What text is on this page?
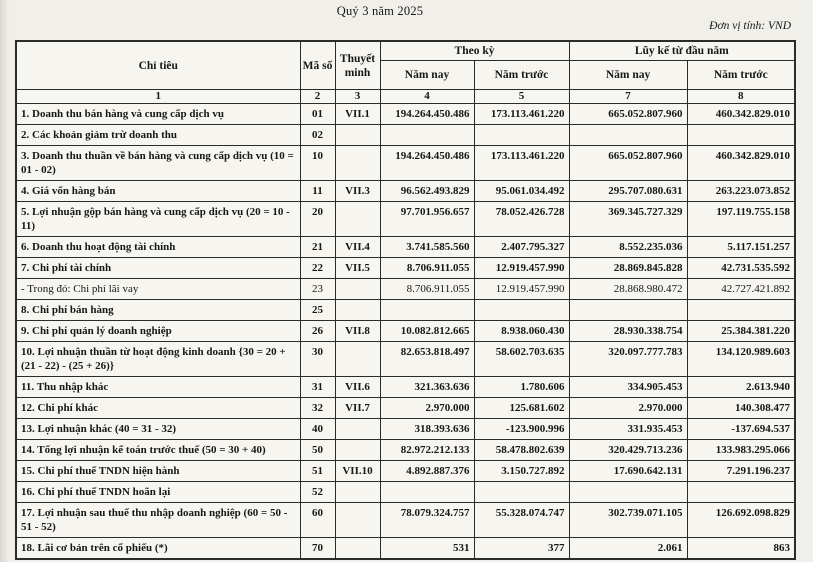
Quý 3 năm 2025
Đơn vị tính: VND
Chỉ tiêu	Mã số	Thuyết minh	Theo kỳ		Lũy kế từ đầu năm	
			Năm nay	Năm trước	Năm nay	Năm trước
1	2	3	4	5	7	8
1. Doanh thu bán hàng và cung cấp dịch vụ	01	VII.1	194.264.450.486	173.113.461.220	665.052.807.960	460.342.829.010
2. Các khoản giảm trừ doanh thu	02					
3. Doanh thu thuần về bán hàng và cung cấp dịch vụ (10 = 01 - 02)	10		194.264.450.486	173.113.461.220	665.052.807.960	460.342.829.010
4. Giá vốn hàng bán	11	VII.3	96.562.493.829	95.061.034.492	295.707.080.631	263.223.073.852
5. Lợi nhuận gộp bán hàng và cung cấp dịch vụ (20 = 10 - 11)	20		97.701.956.657	78.052.426.728	369.345.727.329	197.119.755.158
6. Doanh thu hoạt động tài chính	21	VII.4	3.741.585.560	2.407.795.327	8.552.235.036	5.117.151.257
7. Chi phí tài chính	22	VII.5	8.706.911.055	12.919.457.990	28.869.845.828	42.731.535.592
- Trong đó: Chi phí lãi vay	23		8.706.911.055	12.919.457.990	28.868.980.472	42.727.421.892
8. Chi phí bán hàng	25					
9. Chi phí quản lý doanh nghiệp	26	VII.8	10.082.812.665	8.938.060.430	28.930.338.754	25.384.381.220
10. Lợi nhuận thuần từ hoạt động kinh doanh {30 = 20 + (21 - 22) - (25 + 26)}	30		82.653.818.497	58.602.703.635	320.097.777.783	134.120.989.603
11. Thu nhập khác	31	VII.6	321.363.636	1.780.606	334.905.453	2.613.940
12. Chi phí khác	32	VII.7	2.970.000	125.681.602	2.970.000	140.308.477
13. Lợi nhuận khác (40 = 31 - 32)	40		318.393.636	-123.900.996	331.935.453	-137.694.537
14. Tổng lợi nhuận kế toán trước thuế (50 = 30 + 40)	50		82.972.212.133	58.478.802.639	320.429.713.236	133.983.295.066
15. Chi phí thuế TNDN hiện hành	51	VII.10	4.892.887.376	3.150.727.892	17.690.642.131	7.291.196.237
16. Chi phí thuế TNDN hoãn lại	52					
17. Lợi nhuận sau thuế thu nhập doanh nghiệp (60 = 50 - 51 - 52)	60		78.079.324.757	55.328.074.747	302.739.071.105	126.692.098.829
18. Lãi cơ bản trên cổ phiếu (*)	70		531	377	2.061	863
